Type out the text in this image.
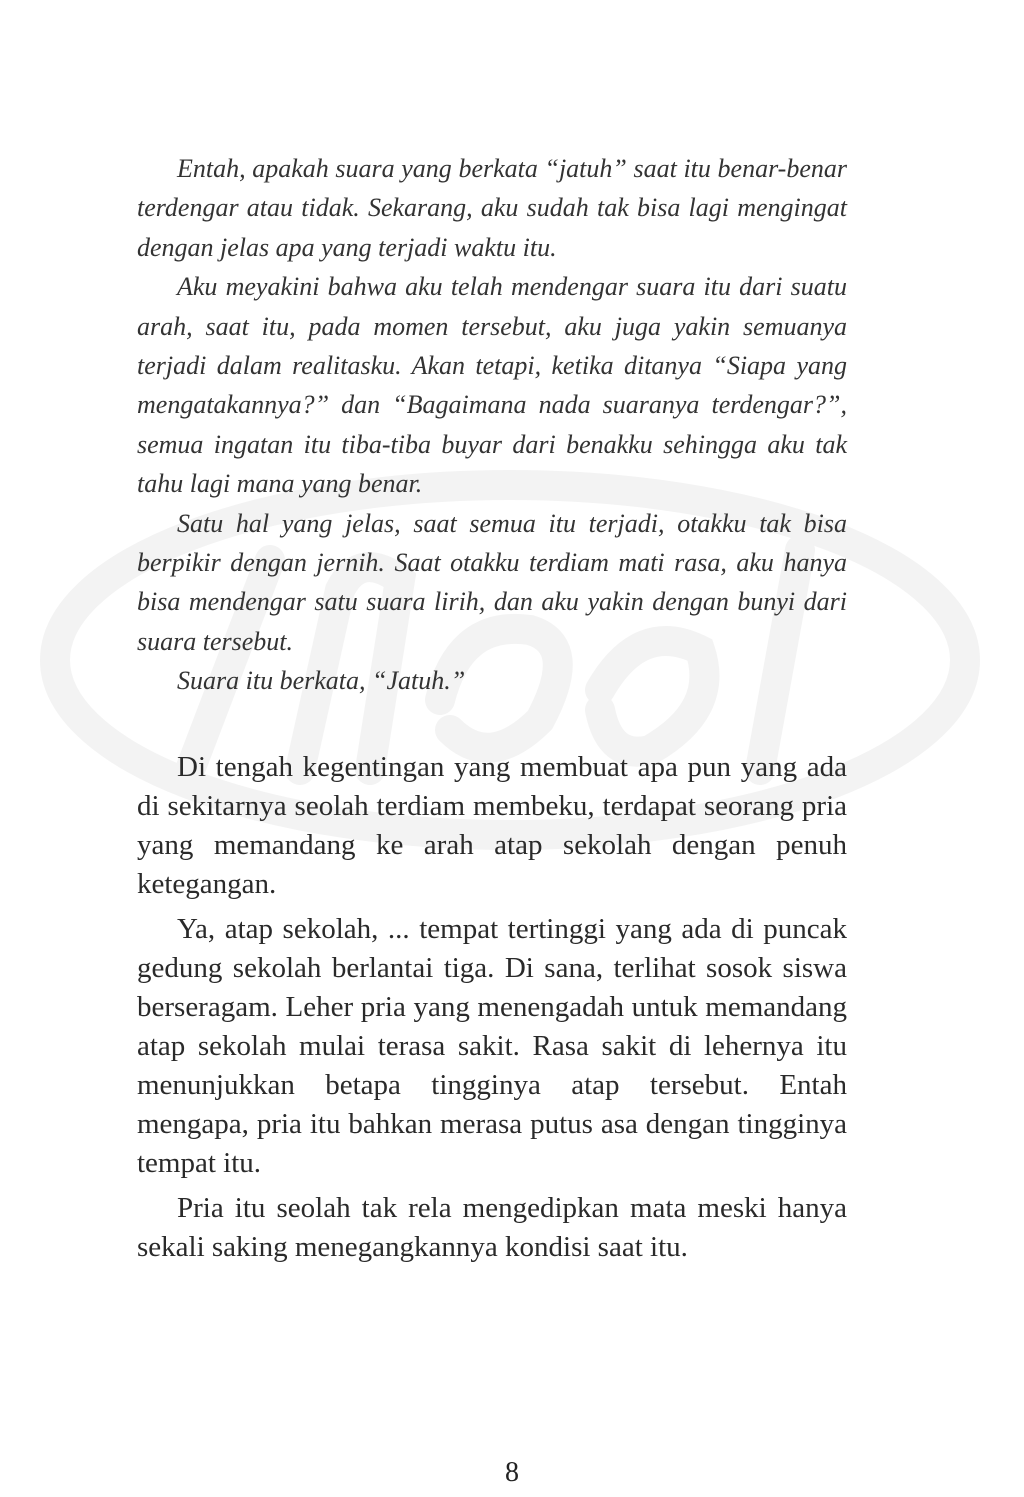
Entah, apakah suara yang berkata “jatuh” saat itu benar-benar terdengar atau tidak. Sekarang, aku sudah tak bisa lagi mengingat dengan jelas apa yang terjadi waktu itu.

Aku meyakini bahwa aku telah mendengar suara itu dari suatu arah, saat itu, pada momen tersebut, aku juga yakin semuanya terjadi dalam realitasku. Akan tetapi, ketika ditanya “Siapa yang mengatakannya?” dan “Bagaimana nada suaranya terdengar?”, semua ingatan itu tiba-tiba buyar dari benakku sehingga aku tak tahu lagi mana yang benar.

Satu hal yang jelas, saat semua itu terjadi, otakku tak bisa berpikir dengan jernih. Saat otakku terdiam mati rasa, aku hanya bisa mendengar satu suara lirih, dan aku yakin dengan bunyi dari suara tersebut.

Suara itu berkata, “Jatuh.”

Di tengah kegentingan yang membuat apa pun yang ada di sekitarnya seolah terdiam membeku, terdapat seorang pria yang memandang ke arah atap sekolah dengan penuh ketegangan.

Ya, atap sekolah, ... tempat tertinggi yang ada di puncak gedung sekolah berlantai tiga. Di sana, terlihat sosok siswa berseragam. Leher pria yang menengadah untuk memandang atap sekolah mulai terasa sakit. Rasa sakit di lehernya itu menunjukkan betapa tingginya atap tersebut. Entah mengapa, pria itu bahkan merasa putus asa dengan tingginya tempat itu.

Pria itu seolah tak rela mengedipkan mata meski hanya sekali saking menegangkannya kondisi saat itu.

8
